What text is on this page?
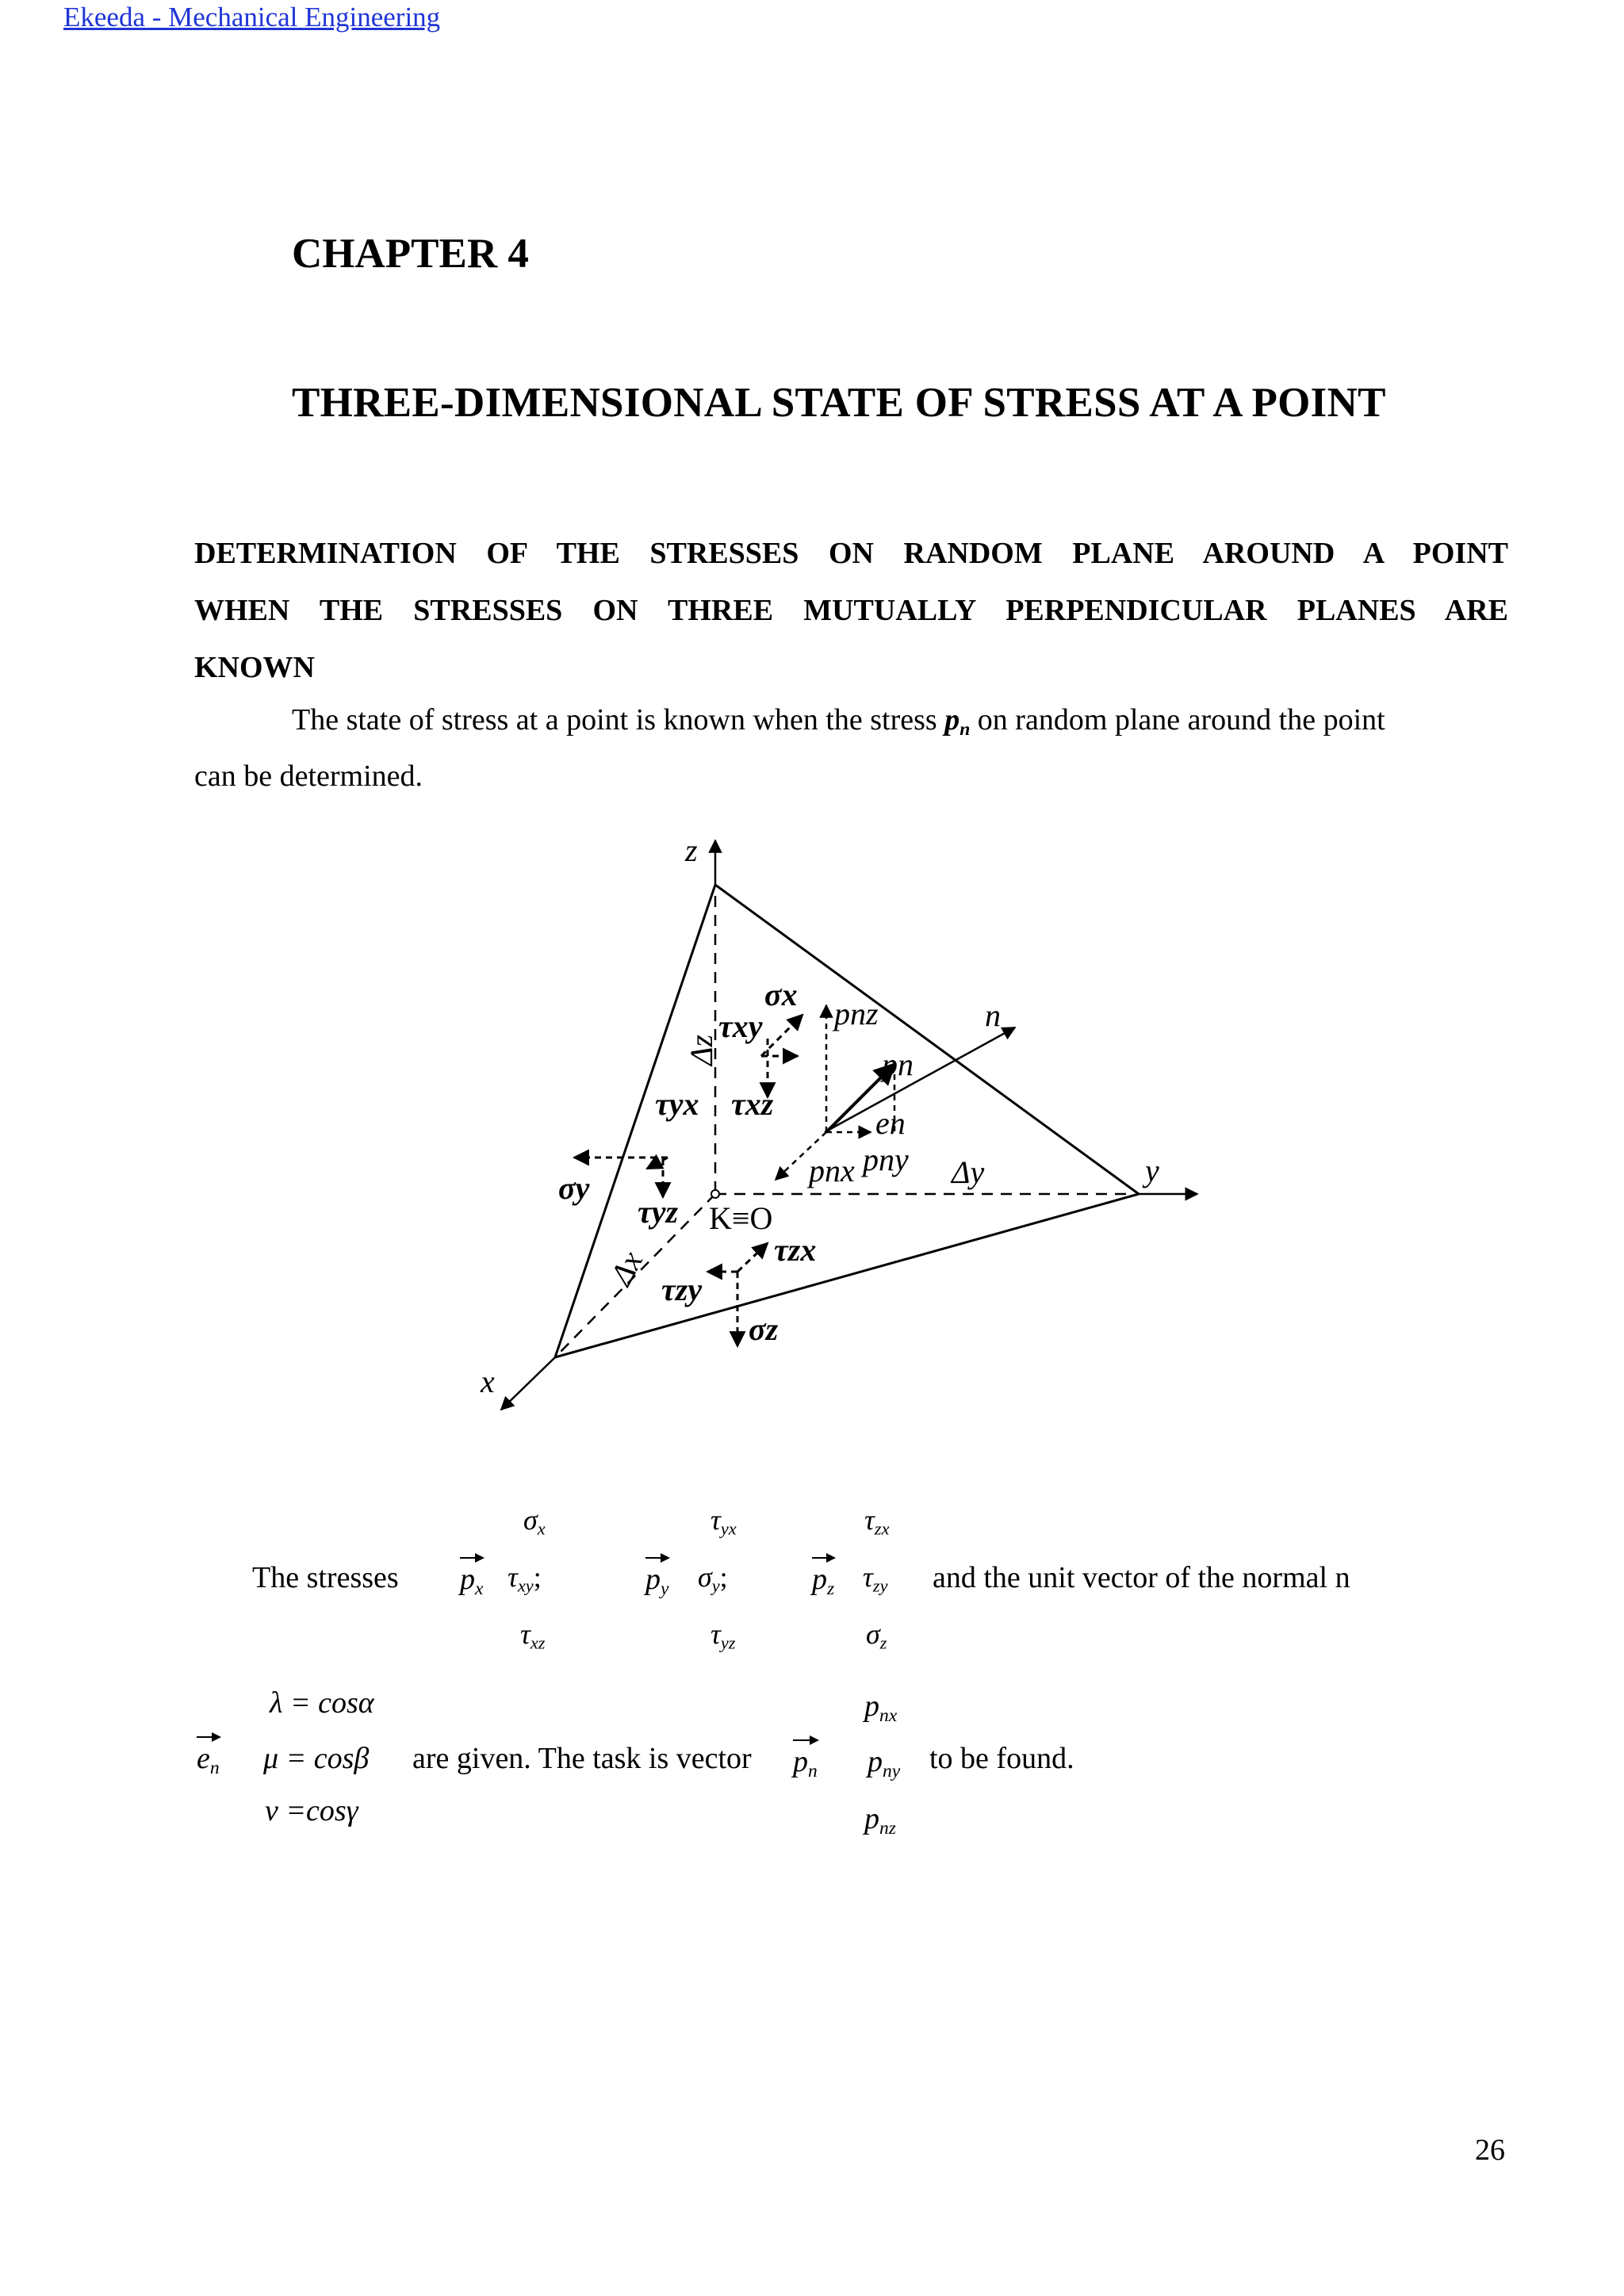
Ekeeda - Mechanical Engineering
CHAPTER 4
THREE-DIMENSIONAL STATE OF STRESS AT A POINT
DETERMINATION OF THE STRESSES ON RANDOM PLANE AROUND A POINT
WHEN THE STRESSES ON THREE MUTUALLY PERPENDICULAR PLANES ARE
KNOWN
The state of stress at a point is known when the stress $p_n$ on random plane around the point
can be determined.
z
y
x
n
Δy
Δz
Δx
K≡O
pnz
pn
en
pnx pny
σx
σy
σz
τxy
τxz
τyx
τyz
τzx
τzy
The stresses $p_x$
$\sigma_x$
$\tau_{xy}$;
$\tau_{xz}$
$p_y$
$\tau_{yx}$
$\sigma_y$;
$\tau_{yz}$
$p_z$
$\tau_{zx}$
$\tau_{zy}$
$\sigma_z$
and the unit vector of the normal n
$e_n$
λ = cosα
μ = cosβ
ν =cosγ
are given. The task is vector $p_n$
$p_{nx}$
$p_{ny}$
$p_{nz}$
to be found.
26
